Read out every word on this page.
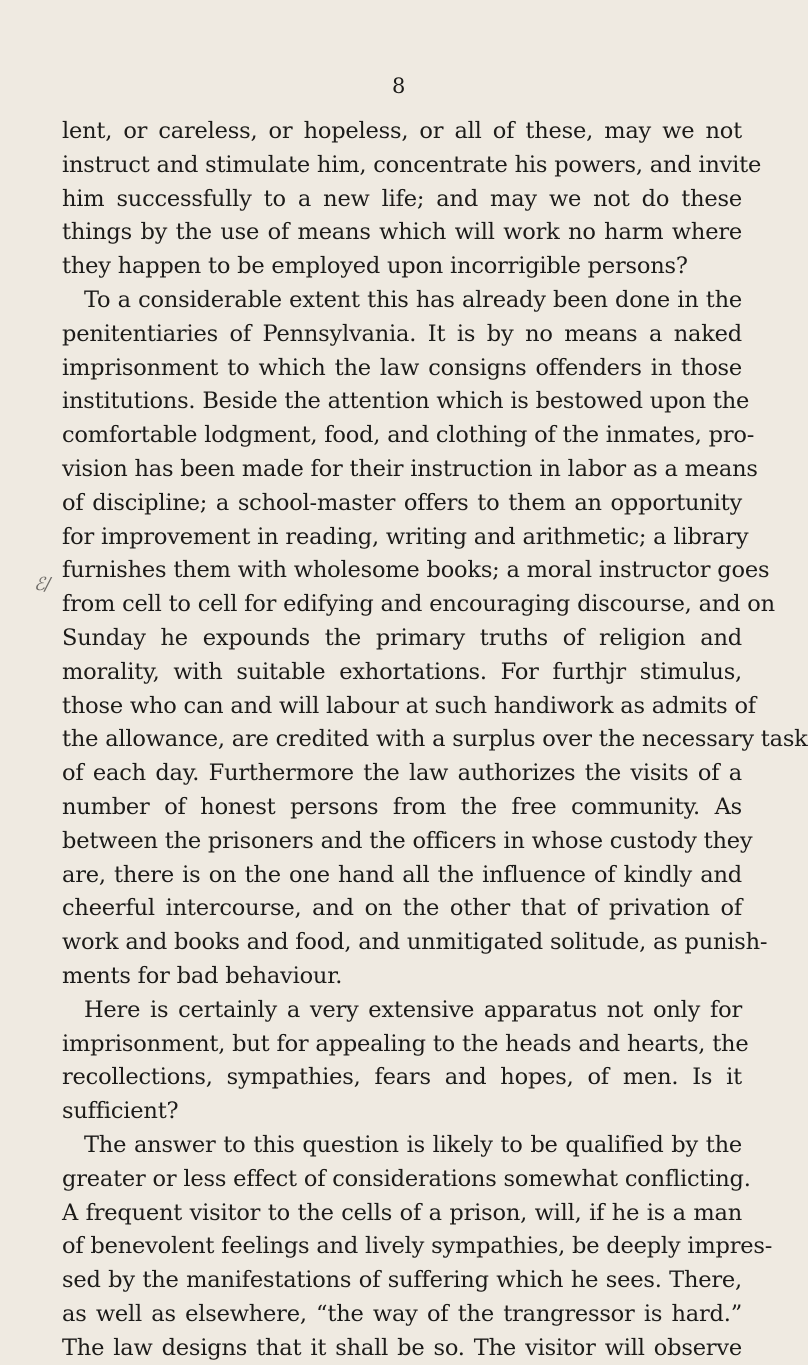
8
ℰ/
lent, or careless, or hopeless, or all of these, may we not
instruct and stimulate him, concentrate his powers, and invite
him successfully to a new life; and may we not do these
things by the use of means which will work no harm where
they happen to be employed upon incorrigible persons?
To a considerable extent this has already been done in the
penitentiaries of Pennsylvania. It is by no means a naked
imprisonment to which the law consigns offenders in those
institutions. Beside the attention which is bestowed upon the
comfortable lodgment, food, and clothing of the inmates, pro-
vision has been made for their instruction in labor as a means
of discipline; a school-master offers to them an opportunity
for improvement in reading, writing and arithmetic; a library
furnishes them with wholesome books; a moral instructor goes
from cell to cell for edifying and encouraging discourse, and on
Sunday he expounds the primary truths of religion and
morality, with suitable exhortations. For furthјr stimulus,
those who can and will labour at such handiwork as admits of
the allowance, are credited with a surplus over the necessary task
of each day. Furthermore the law authorizes the visits of a
number of honest persons from the free community. As
between the prisoners and the officers in whose custody they
are, there is on the one hand all the influence of kindly and
cheerful intercourse, and on the other that of privation of
work and books and food, and unmitigated solitude, as punish-
ments for bad behaviour.
Here is certainly a very extensive apparatus not only for
imprisonment, but for appealing to the heads and hearts, the
recollections, sympathies, fears and hopes, of men. Is it
sufficient?
The answer to this question is likely to be qualified by the
greater or less effect of considerations somewhat conflicting.
A frequent visitor to the cells of a prison, will, if he is a man
of benevolent feelings and lively sympathies, be deeply impres-
sed by the manifestations of suffering which he sees. There,
as well as elsewhere, “the way of the trangressor is hard.”
The law designs that it shall be so. The visitor will observe
